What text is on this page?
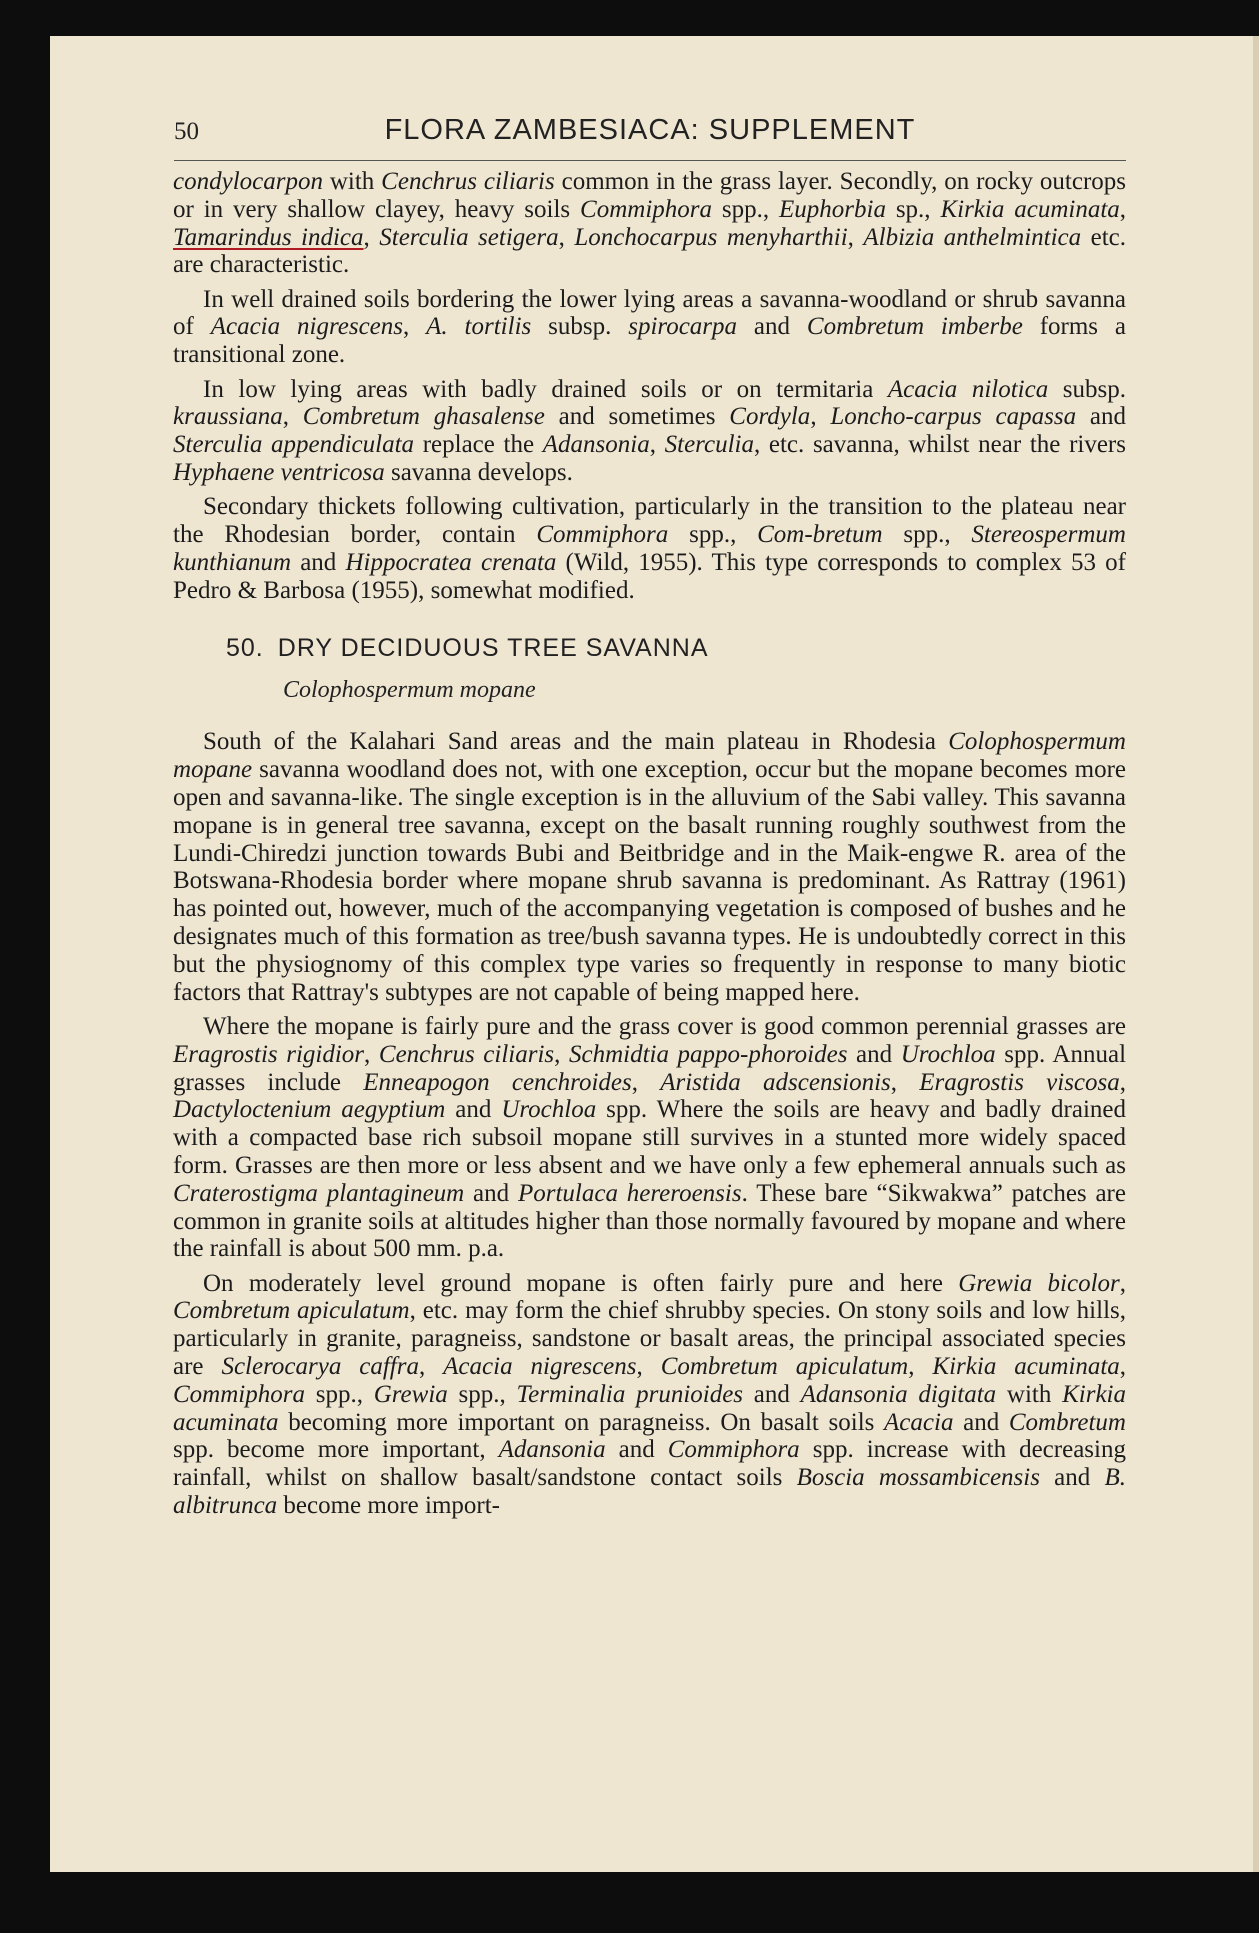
50	FLORA ZAMBESIACA: SUPPLEMENT

condylocarpon with Cenchrus ciliaris common in the grass layer. Secondly, on rocky outcrops or in very shallow clayey, heavy soils Commiphora spp., Euphorbia sp., Kirkia acuminata, Tamarindus indica, Sterculia setigera, Lonchocarpus menyharthii, Albizia anthelmintica etc. are characteristic.

In well drained soils bordering the lower lying areas a savanna-woodland or shrub savanna of Acacia nigrescens, A. tortilis subsp. spirocarpa and Combretum imberbe forms a transitional zone.

In low lying areas with badly drained soils or on termitaria Acacia nilotica subsp. kraussiana, Combretum ghasalense and sometimes Cordyla, Loncho-carpus capassa and Sterculia appendiculata replace the Adansonia, Sterculia, etc. savanna, whilst near the rivers Hyphaene ventricosa savanna develops.

Secondary thickets following cultivation, particularly in the transition to the plateau near the Rhodesian border, contain Commiphora spp., Com-bretum spp., Stereospermum kunthianum and Hippocratea crenata (Wild, 1955). This type corresponds to complex 53 of Pedro & Barbosa (1955), somewhat modified.

50. DRY DECIDUOUS TREE SAVANNA
Colophospermum mopane

South of the Kalahari Sand areas and the main plateau in Rhodesia Colophospermum mopane savanna woodland does not, with one exception, occur but the mopane becomes more open and savanna-like. The single exception is in the alluvium of the Sabi valley. This savanna mopane is in general tree savanna, except on the basalt running roughly southwest from the Lundi-Chiredzi junction towards Bubi and Beitbridge and in the Maik-engwe R. area of the Botswana-Rhodesia border where mopane shrub savanna is predominant. As Rattray (1961) has pointed out, however, much of the accompanying vegetation is composed of bushes and he designates much of this formation as tree/bush savanna types. He is undoubtedly correct in this but the physiognomy of this complex type varies so frequently in response to many biotic factors that Rattray's subtypes are not capable of being mapped here.

Where the mopane is fairly pure and the grass cover is good common perennial grasses are Eragrostis rigidior, Cenchrus ciliaris, Schmidtia pappo-phoroides and Urochloa spp. Annual grasses include Enneapogon cenchroides, Aristida adscensionis, Eragrostis viscosa, Dactyloctenium aegyptium and Urochloa spp. Where the soils are heavy and badly drained with a compacted base rich subsoil mopane still survives in a stunted more widely spaced form. Grasses are then more or less absent and we have only a few ephemeral annuals such as Craterostigma plantagineum and Portulaca hereroensis. These bare “Sikwakwa” patches are common in granite soils at altitudes higher than those normally favoured by mopane and where the rainfall is about 500 mm. p.a.

On moderately level ground mopane is often fairly pure and here Grewia bicolor, Combretum apiculatum, etc. may form the chief shrubby species. On stony soils and low hills, particularly in granite, paragneiss, sandstone or basalt areas, the principal associated species are Sclerocarya caffra, Acacia nigrescens, Combretum apiculatum, Kirkia acuminata, Commiphora spp., Grewia spp., Terminalia prunioides and Adansonia digitata with Kirkia acuminata becoming more important on paragneiss. On basalt soils Acacia and Combretum spp. become more important, Adansonia and Commiphora spp. increase with decreasing rainfall, whilst on shallow basalt/sandstone contact soils Boscia mossambicensis and B. albitrunca become more import-
